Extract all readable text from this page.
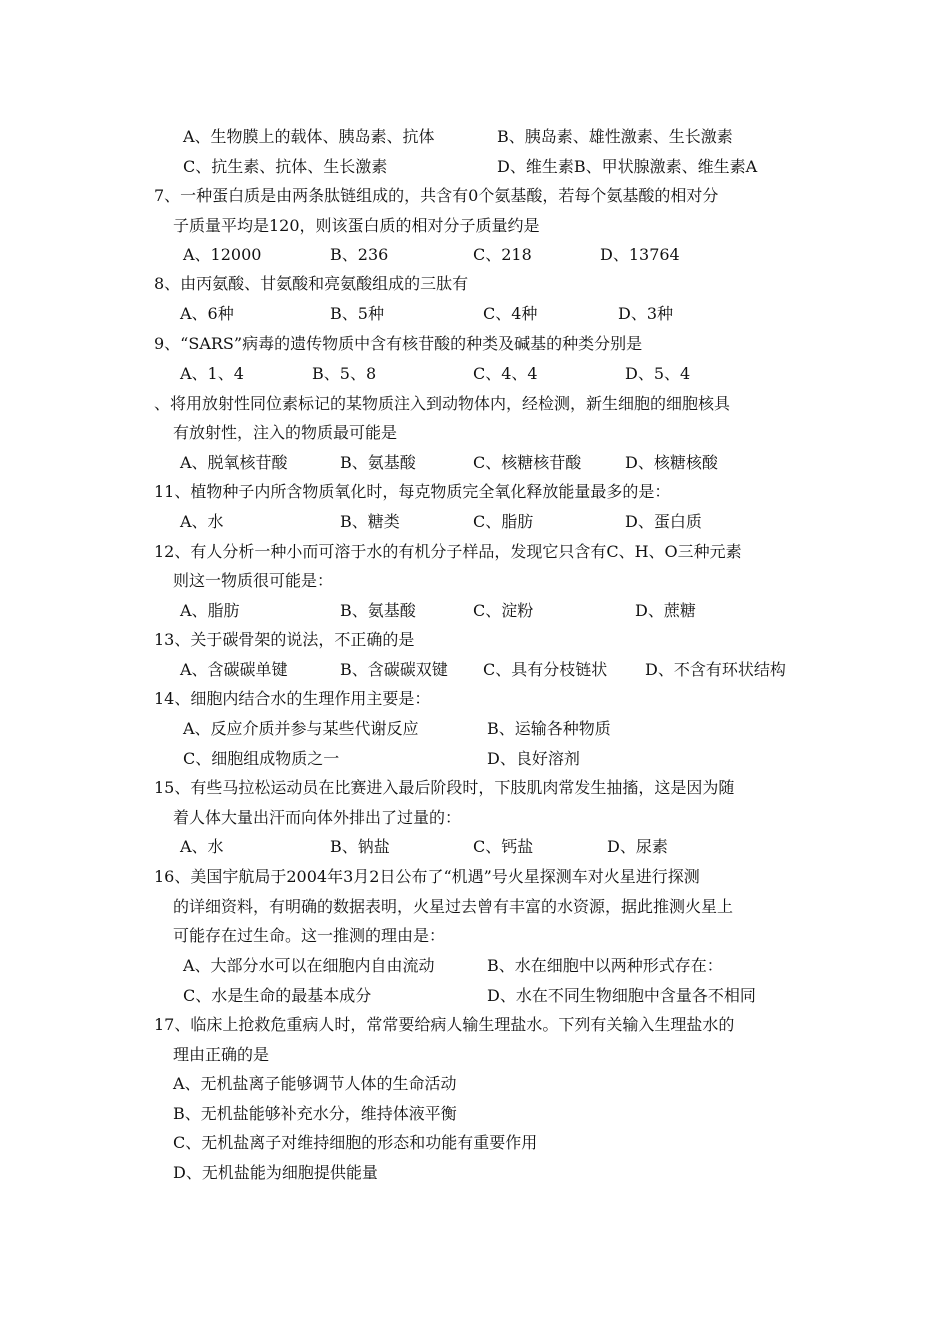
A、生物膜上的载体、胰岛素、抗体	B、胰岛素、雄性激素、生长激素
C、抗生素、抗体、生长激素	D、维生素B、甲状腺激素、维生素A
7、一种蛋白质是由两条肽链组成的，共含有0个氨基酸，若每个氨基酸的相对分
子质量平均是120，则该蛋白质的相对分子质量约是
A、12000	B、236	C、218	D、13764
8、由丙氨酸、甘氨酸和亮氨酸组成的三肽有
A、6种	B、5种	C、4种	D、3种
9、“SARS”病毒的遗传物质中含有核苷酸的种类及碱基的种类分别是
A、1、4	B、5、8	C、4、4	D、5、4
、将用放射性同位素标记的某物质注入到动物体内，经检测，新生细胞的细胞核具
有放射性，注入的物质最可能是
A、脱氧核苷酸	B、氨基酸	C、核糖核苷酸	D、核糖核酸
11、植物种子内所含物质氧化时，每克物质完全氧化释放能量最多的是：
A、水	B、糖类	C、脂肪	D、蛋白质
12、有人分析一种小而可溶于水的有机分子样品，发现它只含有C、H、O三种元素
则这一物质很可能是：
A、脂肪	B、氨基酸	C、淀粉	D、蔗糖
13、关于碳骨架的说法，不正确的是
A、含碳碳单键	B、含碳碳双键 C、具有分枝链状 D、不含有环状结构
14、细胞内结合水的生理作用主要是：
A、反应介质并参与某些代谢反应	B、运输各种物质
C、细胞组成物质之一	D、良好溶剂
15、有些马拉松运动员在比赛进入最后阶段时，下肢肌肉常发生抽搐，这是因为随
着人体大量出汗而向体外排出了过量的：
A、水	B、钠盐	C、钙盐	D、尿素
16、美国宇航局于2004年3月2日公布了“机遇”号火星探测车对火星进行探测
的详细资料，有明确的数据表明，火星过去曾有丰富的水资源，据此推测火星上
可能存在过生命。这一推测的理由是：
A、大部分水可以在细胞内自由流动	B、水在细胞中以两种形式存在：
C、水是生命的最基本成分	D、水在不同生物细胞中含量各不相同
17、临床上抢救危重病人时，常常要给病人输生理盐水。下列有关输入生理盐水的
理由正确的是
A、无机盐离子能够调节人体的生命活动
B、无机盐能够补充水分，维持体液平衡
C、无机盐离子对维持细胞的形态和功能有重要作用
D、无机盐能为细胞提供能量
